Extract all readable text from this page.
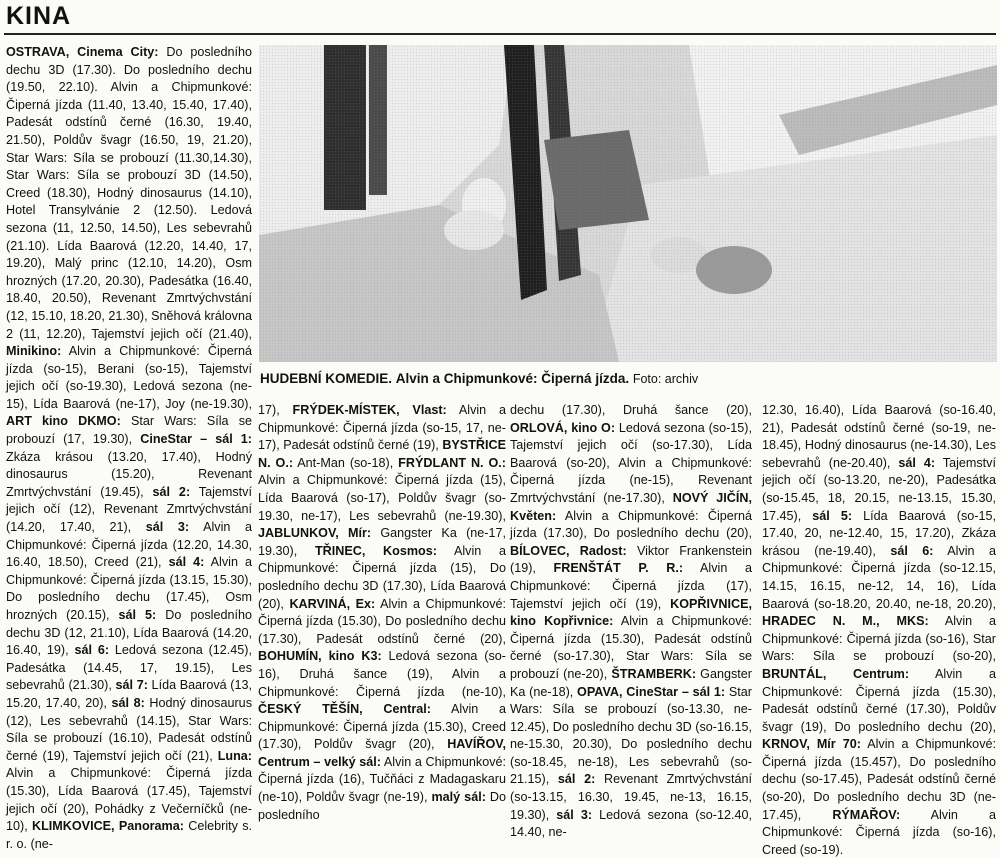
KINA
OSTRAVA, Cinema City: Do posledního dechu 3D (17.30). Do posledního dechu (19.50, 22.10). Alvin a Chipmunkové: Čiperná jízda (11.40, 13.40, 15.40, 17.40), Padesát odstínů černé (16.30, 19.40, 21.50), Poldův švagr (16.50, 19, 21.20), Star Wars: Síla se probouzí (11.30,14.30), Star Wars: Síla se probouzí 3D (14.50), Creed (18.30), Hodný dinosaurus (14.10), Hotel Transylvánie 2 (12.50). Ledová sezona (11, 12.50, 14.50), Les sebevrahů (21.10). Lída Baarová (12.20, 14.40, 17, 19.20), Malý princ (12.10, 14.20), Osm hrozných (17.20, 20.30), Padesátka (16.40, 18.40, 20.50), Revenant Zmrtvýchvstání (12, 15.10, 18.20, 21.30), Sněhová královna 2 (11, 12.20), Tajemství jejich očí (21.40), Minikino: Alvin a Chipmunkové: Čiperná jízda (so-15), Berani (so-15), Tajemství jejich očí (so-19.30), Ledová sezona (ne-15), Lída Baarová (ne-17), Joy (ne-19.30), ART kino DKMO: Star Wars: Síla se probouzí (17, 19.30), CineStar – sál 1: Zkáza krásou (13.20, 17.40), Hodný dinosaurus (15.20), Revenant Zmrtvýchvstání (19.45), sál 2: Tajemství jejich očí (12), Revenant Zmrtvýchvstání (14.20, 17.40, 21), sál 3: Alvin a Chipmunkové: Čiperná jízda (12.20, 14.30, 16.40, 18.50), Creed (21), sál 4: Alvin a Chipmunkové: Čiperná jízda (13.15, 15.30), Do posledního dechu (17.45), Osm hrozných (20.15), sál 5: Do posledního dechu 3D (12, 21.10), Lída Baarová (14.20, 16.40, 19), sál 6: Ledová sezona (12.45), Padesátka (14.45, 17, 19.15), Les sebevrahů (21.30), sál 7: Lída Baarová (13, 15.20, 17.40, 20), sál 8: Hodný dinosaurus (12), Les sebevrahů (14.15), Star Wars: Síla se probouzí (16.10), Padesát odstínů černé (19), Tajemství jejich očí (21), Luna: Alvin a Chipmunkové: Čiperná jízda (15.30), Lída Baarová (17.45), Tajemství jejich očí (20), Pohádky z Večerníčků (ne-10), KLIMKOVICE, Panorama: Celebrity s. r. o. (ne-
HUDEBNÍ KOMEDIE. Alvin a Chipmunkové: Čiperná jízda. Foto: archiv
17), FRÝDEK-MÍSTEK, Vlast: Alvin a Chipmunkové: Čiperná jízda (so-15, 17, ne-17), Padesát odstínů černé (19), BYSTŘICE N. O.: Ant-Man (so-18), FRÝDLANT N. O.: Alvin a Chipmunkové: Čiperná jízda (15), Lída Baarová (so-17), Poldův švagr (so-19.30, ne-17), Les sebevrahů (ne-19.30), JABLUNKOV, Mír: Gangster Ka (ne-17, 19.30), TŘINEC, Kosmos: Alvin a Chipmunkové: Čiperná jízda (15), Do posledního dechu 3D (17.30), Lída Baarová (20), KARVINÁ, Ex: Alvin a Chipmunkové: Čiperná jízda (15.30), Do posledního dechu (17.30), Padesát odstínů černé (20), BOHUMÍN, kino K3: Ledová sezona (so-16), Druhá šance (19), Alvin a Chipmunkové: Čiperná jízda (ne-10), ČESKÝ TĚŠÍN, Central: Alvin a Chipmunkové: Čiperná jízda (15.30), Creed (17.30), Poldův švagr (20), HAVÍŘOV, Centrum – velký sál: Alvin a Chipmunkové: Čiperná jízda (16), Tučňáci z Madagaskaru (ne-10), Poldův švagr (ne-19), malý sál: Do posledního
dechu (17.30), Druhá šance (20), ORLOVÁ, kino O: Ledová sezona (so-15), Tajemství jejich očí (so-17.30), Lída Baarová (so-20), Alvin a Chipmunkové: Čiperná jízda (ne-15), Revenant Zmrtvýchvstání (ne-17.30), NOVÝ JIČÍN, Květen: Alvin a Chipmunkové: Čiperná jízda (17.30), Do posledního dechu (20), BÍLOVEC, Radost: Viktor Frankenstein (19), FRENŠTÁT P. R.: Alvin a Chipmunkové: Čiperná jízda (17), Tajemství jejich očí (19), KOPŘIVNICE, kino Kopřivnice: Alvin a Chipmunkové: Čiperná jízda (15.30), Padesát odstínů černé (so-17.30), Star Wars: Síla se probouzí (ne-20), ŠTRAMBERK: Gangster Ka (ne-18), OPAVA, CineStar – sál 1: Star Wars: Síla se probouzí (so-13.30, ne-12.45), Do posledního dechu 3D (so-16.15, ne-15.30, 20.30), Do posledního dechu (so-18.45, ne-18), Les sebevrahů (so-21.15), sál 2: Revenant Zmrtvýchvstání (so-13.15, 16.30, 19.45, ne-13, 16.15, 19.30), sál 3: Ledová sezona (so-12.40, 14.40, ne-
12.30, 16.40), Lída Baarová (so-16.40, 21), Padesát odstínů černé (so-19, ne-18.45), Hodný dinosaurus (ne-14.30), Les sebevrahů (ne-20.40), sál 4: Tajemství jejich očí (so-13.20, ne-20), Padesátka (so-15.45, 18, 20.15, ne-13.15, 15.30, 17.45), sál 5: Lída Baarová (so-15, 17.40, 20, ne-12.40, 15, 17.20), Zkáza krásou (ne-19.40), sál 6: Alvin a Chipmunkové: Čiperná jízda (so-12.15, 14.15, 16.15, ne-12, 14, 16), Lída Baarová (so-18.20, 20.40, ne-18, 20.20), HRADEC N. M., MKS: Alvin a Chipmunkové: Čiperná jízda (so-16), Star Wars: Síla se probouzí (so-20), BRUNTÁL, Centrum: Alvin a Chipmunkové: Čiperná jízda (15.30), Padesát odstínů černé (17.30), Poldův švagr (19), Do posledního dechu (20), KRNOV, Mír 70: Alvin a Chipmunkové: Čiperná jízda (15.457), Do posledního dechu (so-17.45), Padesát odstínů černé (so-20), Do posledního dechu 3D (ne-17.45), RÝMAŘOV: Alvin a Chipmunkové: Čiperná jízda (so-16), Creed (so-19).
